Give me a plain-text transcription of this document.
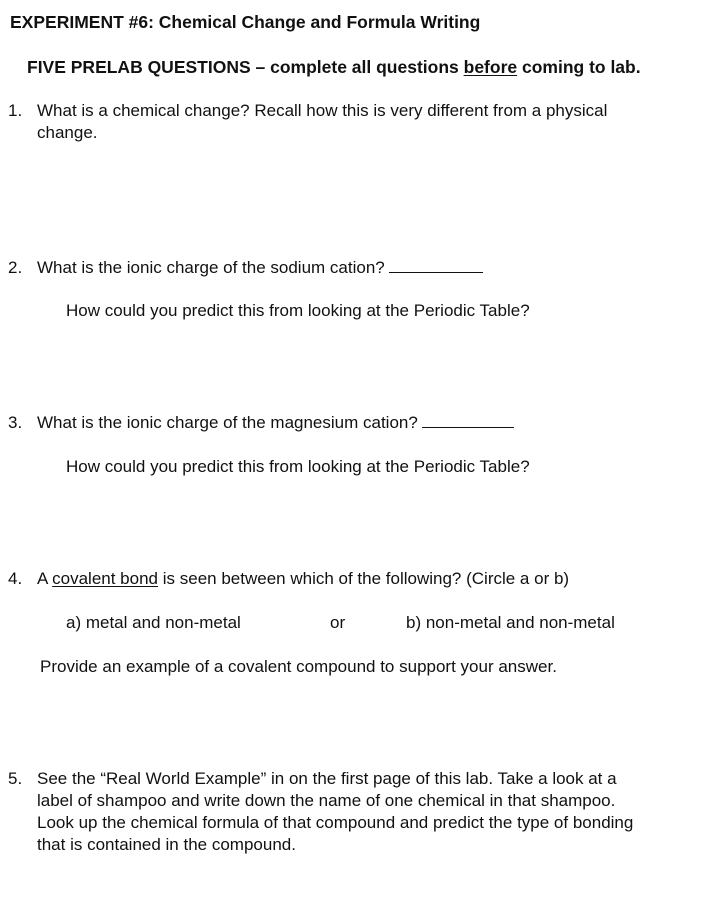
EXPERIMENT #6: Chemical Change and Formula Writing
FIVE PRELAB QUESTIONS – complete all questions before coming to lab.
1. What is a chemical change? Recall how this is very different from a physical
change.
2. What is the ionic charge of the sodium cation?
How could you predict this from looking at the Periodic Table?
3. What is the ionic charge of the magnesium cation?
How could you predict this from looking at the Periodic Table?
4. A covalent bond is seen between which of the following? (Circle a or b)
a) metal and non-metal	or	b) non-metal and non-metal
Provide an example of a covalent compound to support your answer.
5. See the “Real World Example” in on the first page of this lab. Take a look at a
label of shampoo and write down the name of one chemical in that shampoo.
Look up the chemical formula of that compound and predict the type of bonding
that is contained in the compound.
